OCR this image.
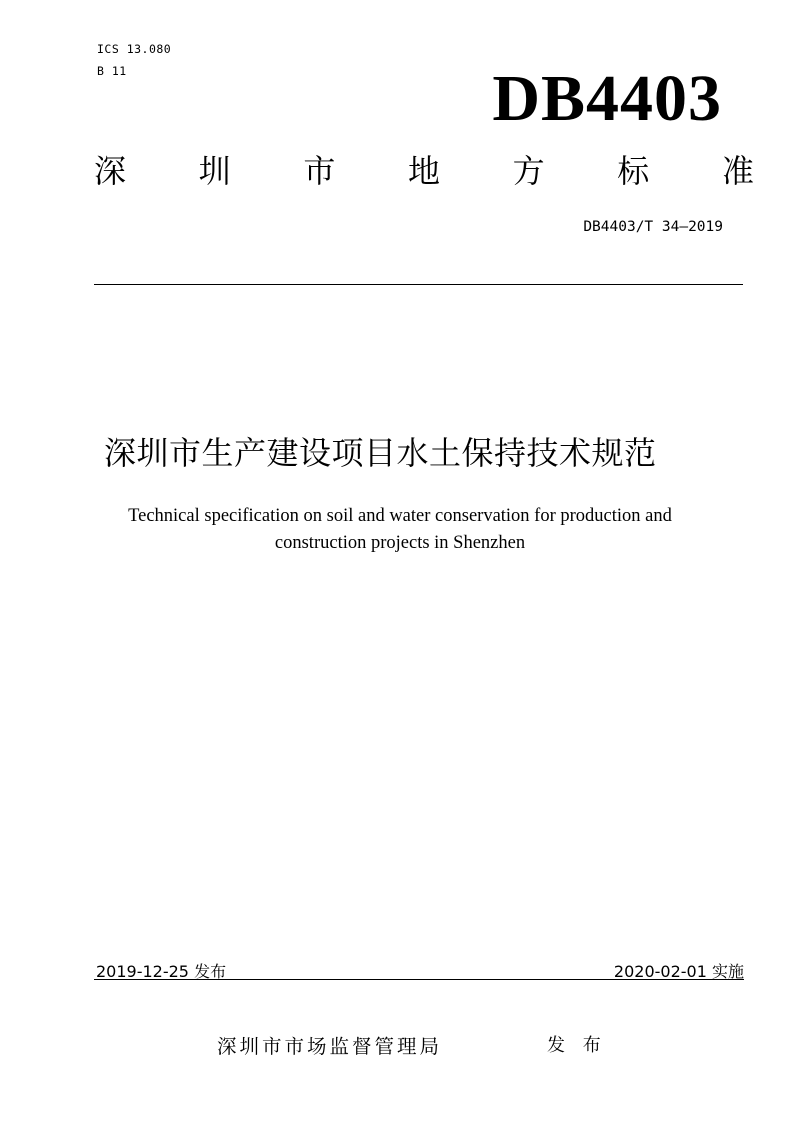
ICS 13.080
B 11	DB4403
深 圳 市 地 方 标 准
DB4403/T 34—2019
深圳市生产建设项目水土保持技术规范
Technical specification on soil and water conservation for production and
construction projects in Shenzhen
2019-12-25 发布	2020-02-01 实施
深圳市市场监督管理局	发 布
